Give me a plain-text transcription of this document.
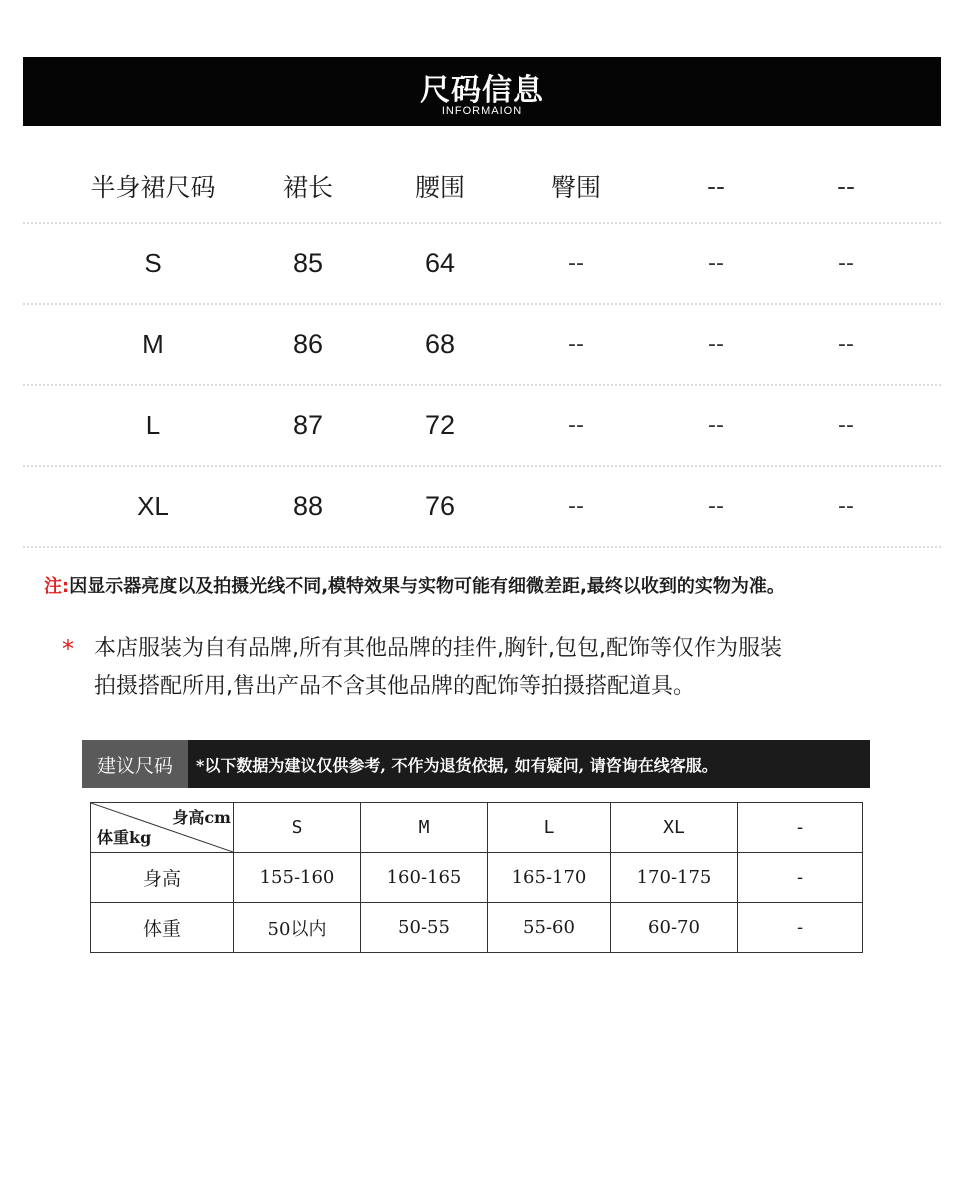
尺码信息
INFORMAION
半身裙尺码	裙长	腰围	臀围	--	--
S	85	64	--	--	--
M	86	68	--	--	--
L	87	72	--	--	--
XL	88	76	--	--	--
注:因显示器亮度以及拍摄光线不同,模特效果与实物可能有细微差距,最终以收到的实物为准。
* 本店服装为自有品牌,所有其他品牌的挂件,胸针,包包,配饰等仅作为服装
拍摄搭配所用,售出产品不含其他品牌的配饰等拍摄搭配道具。
建议尺码	*以下数据为建议仅供参考, 不作为退货依据, 如有疑问, 请咨询在线客服。
身高cm
体重kg	S	M	L	XL	-
身高	155-160	160-165	165-170	170-175	-
体重	50以内	50-55	55-60	60-70	-
